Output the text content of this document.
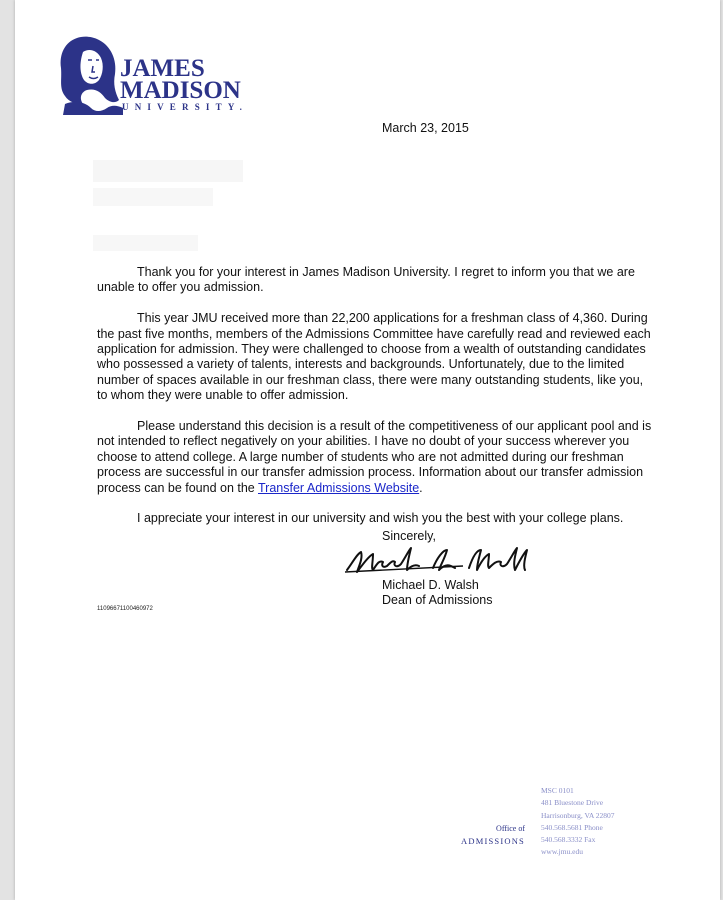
JAMES
MADISON
UNIVERSITY.
March 23, 2015

Thank you for your interest in James Madison University. I regret to inform you that we are unable to offer you admission.

This year JMU received more than 22,200 applications for a freshman class of 4,360. During the past five months, members of the Admissions Committee have carefully read and reviewed each application for admission. They were challenged to choose from a wealth of outstanding candidates who possessed a variety of talents, interests and backgrounds. Unfortunately, due to the limited number of spaces available in our freshman class, there were many outstanding students, like you, to whom they were unable to offer admission.

Please understand this decision is a result of the competitiveness of our applicant pool and is not intended to reflect negatively on your abilities. I have no doubt of your success wherever you choose to attend college. A large number of students who are not admitted during our freshman process are successful in our transfer admission process. Information about our transfer admission process can be found on the Transfer Admissions Website.

I appreciate your interest in our university and wish you the best with your college plans.

Sincerely,
Michael D. Walsh
Dean of Admissions
11096671100460972
Office of
ADMISSIONS
MSC 0101
481 Bluestone Drive
Harrisonburg, VA 22807
540.568.5681 Phone
540.568.3332 Fax
www.jmu.edu
